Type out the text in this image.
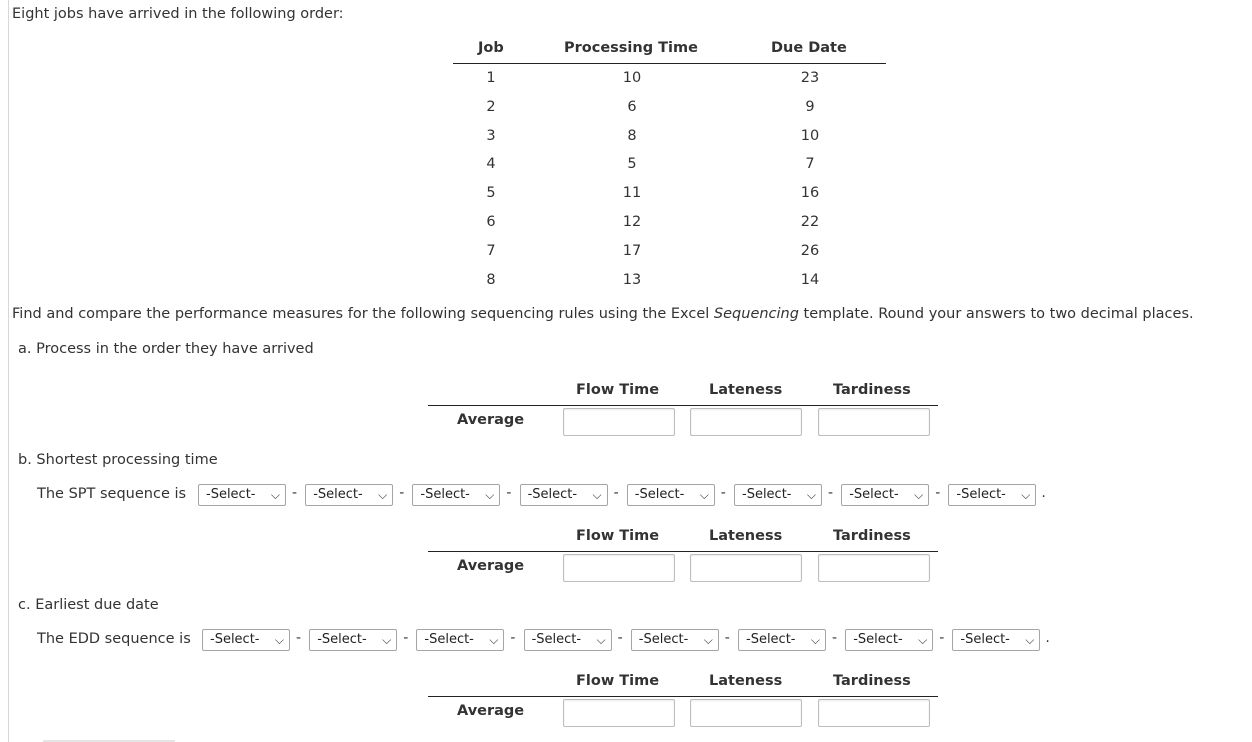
Eight jobs have arrived in the following order:
Job	Processing Time	Due Date
1	10	23
2	6	9
3	8	10
4	5	7
5	11	16
6	12	22
7	17	26
8	13	14
Find and compare the performance measures for the following sequencing rules using the Excel Sequencing template. Round your answers to two decimal places.
a. Process in the order they have arrived
b. Shortest processing time
The SPT sequence is
c. Earliest due date
The EDD sequence is
Flow Time	Lateness	Tardiness
Average
Flow Time	Lateness	Tardiness
Average
Flow Time	Lateness	Tardiness
Average
-Select- ⌵ -	-Select- ⌵ -	-Select- ⌵ -	-Select- ⌵ -	-Select- ⌵ -	-Select- ⌵ -	-Select- ⌵ -	-Select- ⌵ .
-Select- ⌵ -	-Select- ⌵ -	-Select- ⌵ -	-Select- ⌵ -	-Select- ⌵ -	-Select- ⌵ -	-Select- ⌵ -	-Select- ⌵ .
